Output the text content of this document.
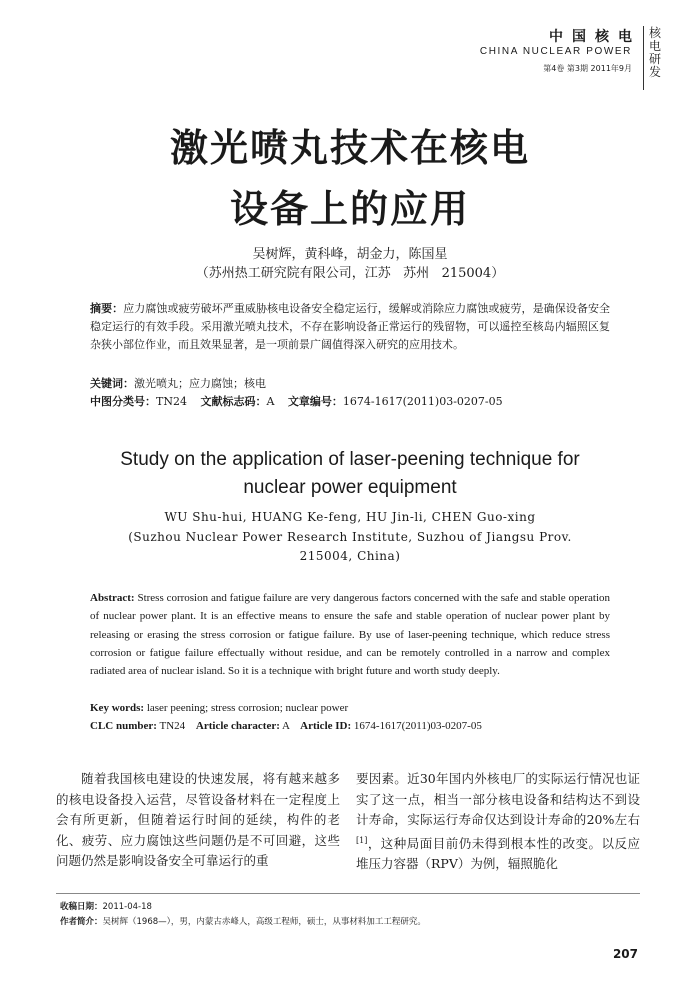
中国核电
CHINA NUCLEAR POWER
第4卷 第3期 2011年9月
核
电
研
发
激光喷丸技术在核电
设备上的应用
吴树辉，黄科峰，胡金力，陈国星
（苏州热工研究院有限公司，江苏   苏州   215004）
摘要：应力腐蚀或疲劳破坏严重威胁核电设备安全稳定运行，缓解或消除应力腐蚀或疲劳，是确保设备安全稳定运行的有效手段。采用激光喷丸技术，不存在影响设备正常运行的残留物，可以遥控至核岛内辐照区复杂狭小部位作业，而且效果显著，是一项前景广阔值得深入研究的应用技术。
关键词：激光喷丸；应力腐蚀；核电
中图分类号：TN24 文献标志码：A 文章编号：1674-1617(2011)03-0207-05
Study on the application of laser-peening technique for
nuclear power equipment
WU Shu-hui, HUANG Ke-feng, HU Jin-li, CHEN Guo-xing
(Suzhou Nuclear Power Research Institute, Suzhou of Jiangsu Prov.
215004, China)
Abstract: Stress corrosion and fatigue failure are very dangerous factors concerned with the safe and stable operation of nuclear power plant. It is an effective means to ensure the safe and stable operation of nuclear power plant by releasing or erasing the stress corrosion or fatigue failure. By use of laser-peening technique, which reduce stress corrosion or fatigue failure effectually without residue, and can be remotely controlled in a narrow and complex radiated area of nuclear island. So it is a technique with bright future and worth study deeply.
Key words: laser peening; stress corrosion; nuclear power
CLC number: TN24 Article character: A Article ID: 1674-1617(2011)03-0207-05
随着我国核电建设的快速发展，将有越来越多的核电设备投入运营，尽管设备材料在一定程度上会有所更新，但随着运行时间的延续，构件的老化、疲劳、应力腐蚀这些问题仍是不可回避，这些问题仍然是影响设备安全可靠运行的重
要因素。近30年国内外核电厂的实际运行情况也证实了这一点，相当一部分核电设备和结构达不到设计寿命，实际运行寿命仅达到设计寿命的20%左右[1]，这种局面目前仍未得到根本性的改变。以反应堆压力容器（RPV）为例，辐照脆化
收稿日期：2011-04-18
作者简介：吴树辉（1968—），男，内蒙古赤峰人，高级工程师，硕士，从事材料加工工程研究。
207
